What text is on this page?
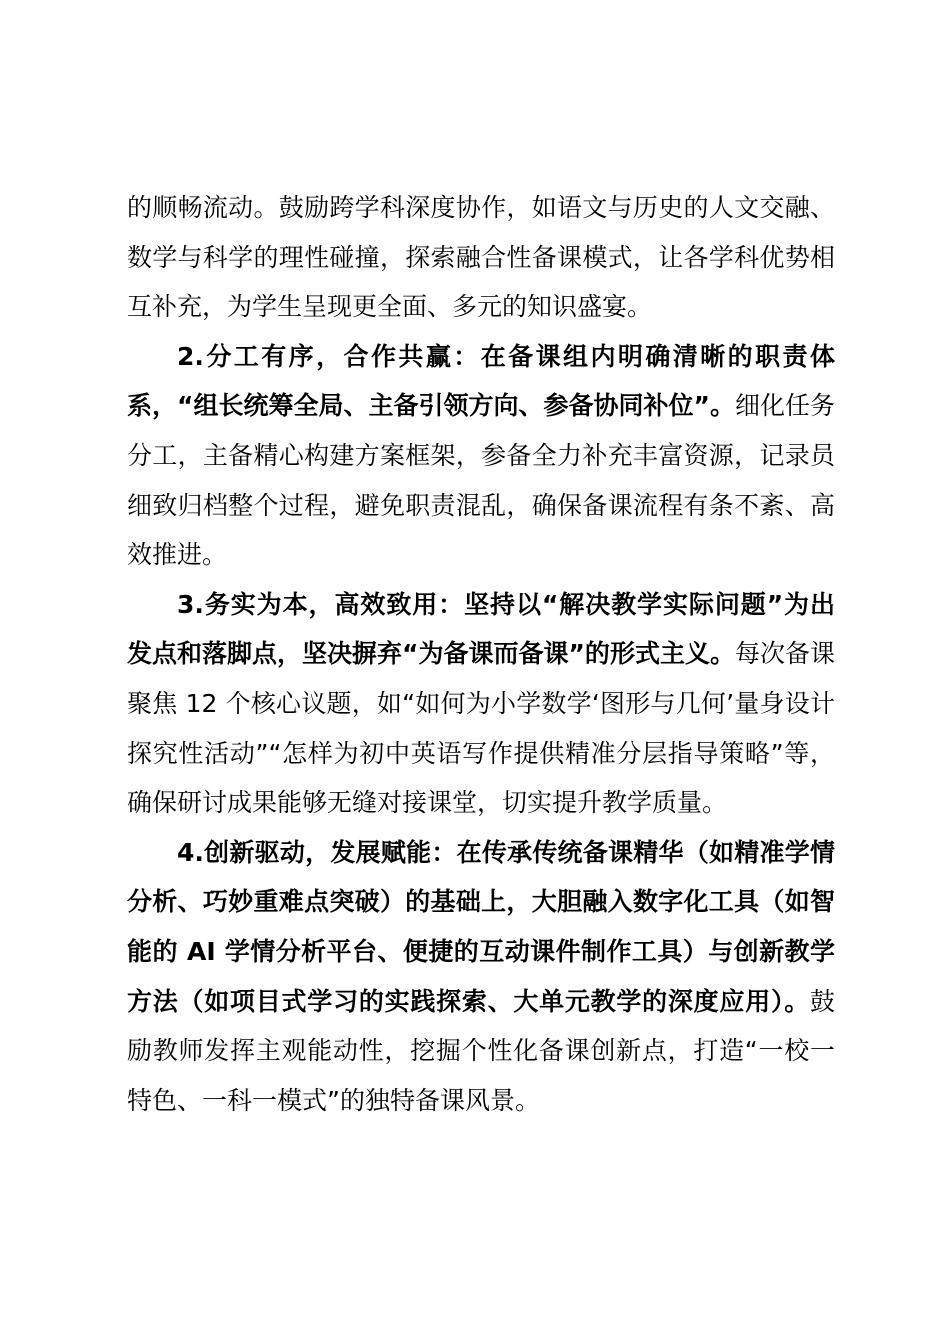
的顺畅流动。鼓励跨学科深度协作，如语文与历史的人文交融、数学与科学的理性碰撞，探索融合性备课模式，让各学科优势相互补充，为学生呈现更全面、多元的知识盛宴。

2.分工有序，合作共赢：在备课组内明确清晰的职责体系，“组长统筹全局、主备引领方向、参备协同补位”。细化任务分工，主备精心构建方案框架，参备全力补充丰富资源，记录员细致归档整个过程，避免职责混乱，确保备课流程有条不紊、高效推进。

3.务实为本，高效致用：坚持以“解决教学实际问题”为出发点和落脚点，坚决摒弃“为备课而备课”的形式主义。每次备课聚焦 12 个核心议题，如“如何为小学数学‘图形与几何’量身设计探究性活动”“怎样为初中英语写作提供精准分层指导策略”等，确保研讨成果能够无缝对接课堂，切实提升教学质量。

4.创新驱动，发展赋能：在传承传统备课精华（如精准学情分析、巧妙重难点突破）的基础上，大胆融入数字化工具（如智能的 AI 学情分析平台、便捷的互动课件制作工具）与创新教学方法（如项目式学习的实践探索、大单元教学的深度应用）。鼓励教师发挥主观能动性，挖掘个性化备课创新点，打造“一校一特色、一科一模式”的独特备课风景。
